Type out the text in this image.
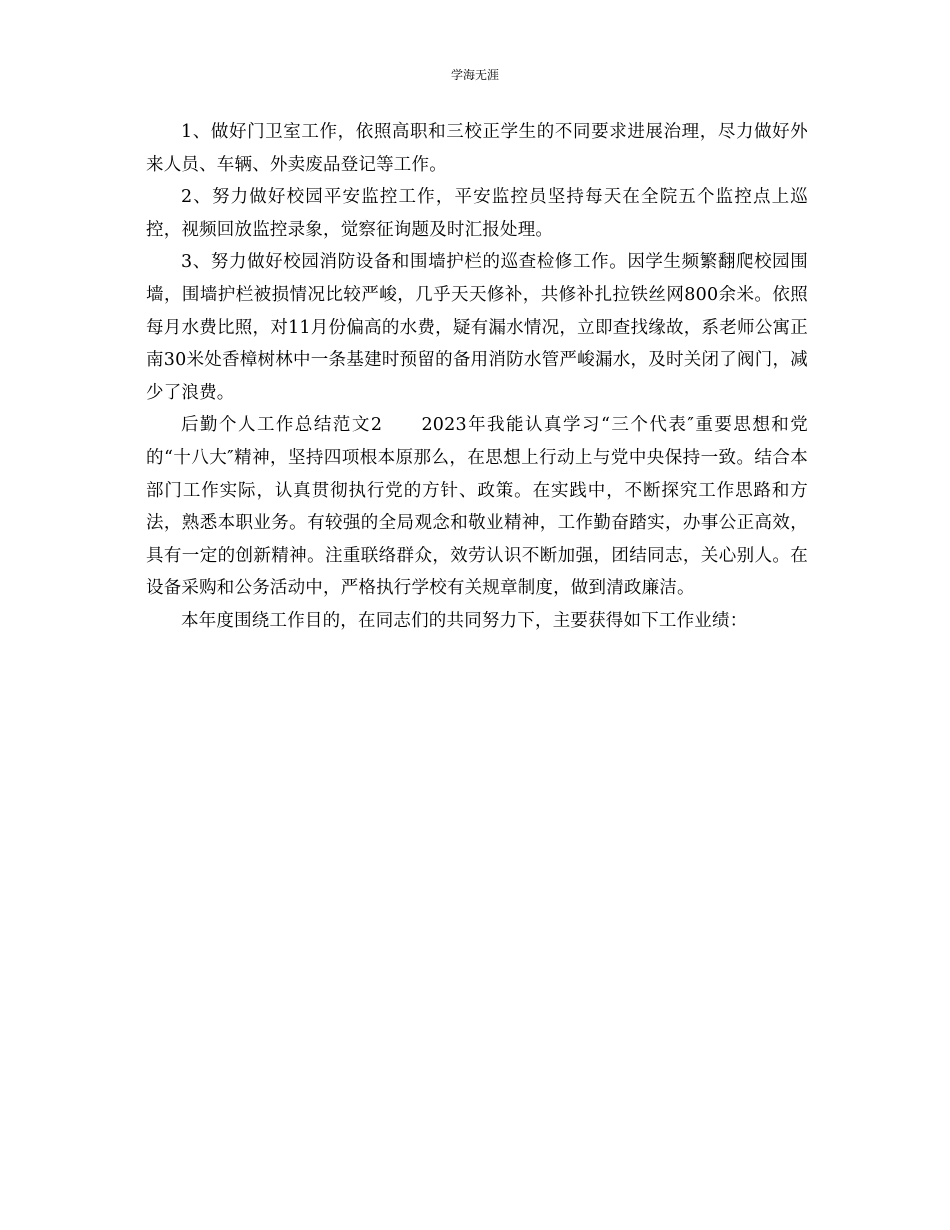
学海无涯

1、做好门卫室工作，依照高职和三校正学生的不同要求进展治理，尽力做好外来人员、车辆、外卖废品登记等工作。

2、努力做好校园平安监控工作，平安监控员坚持每天在全院五个监控点上巡控，视频回放监控录象，觉察征询题及时汇报处理。

3、努力做好校园消防设备和围墙护栏的巡查检修工作。因学生频繁翻爬校园围墙，围墙护栏被损情况比较严峻，几乎天天修补，共修补扎拉铁丝网800余米。依照每月水费比照，对11月份偏高的水费，疑有漏水情况，立即查找缘故，系老师公寓正南30米处香樟树林中一条基建时预留的备用消防水管严峻漏水，及时关闭了阀门，减少了浪费。

后勤个人工作总结范文2　　2023年我能认真学习“三个代表″重要思想和党的“十八大″精神，坚持四项根本原那么，在思想上行动上与党中央保持一致。结合本部门工作实际，认真贯彻执行党的方针、政策。在实践中，不断探究工作思路和方法，熟悉本职业务。有较强的全局观念和敬业精神，工作勤奋踏实，办事公正高效，具有一定的创新精神。注重联络群众，效劳认识不断加强，团结同志，关心别人。在设备采购和公务活动中，严格执行学校有关规章制度，做到清政廉洁。

本年度围绕工作目的，在同志们的共同努力下，主要获得如下工作业绩：
